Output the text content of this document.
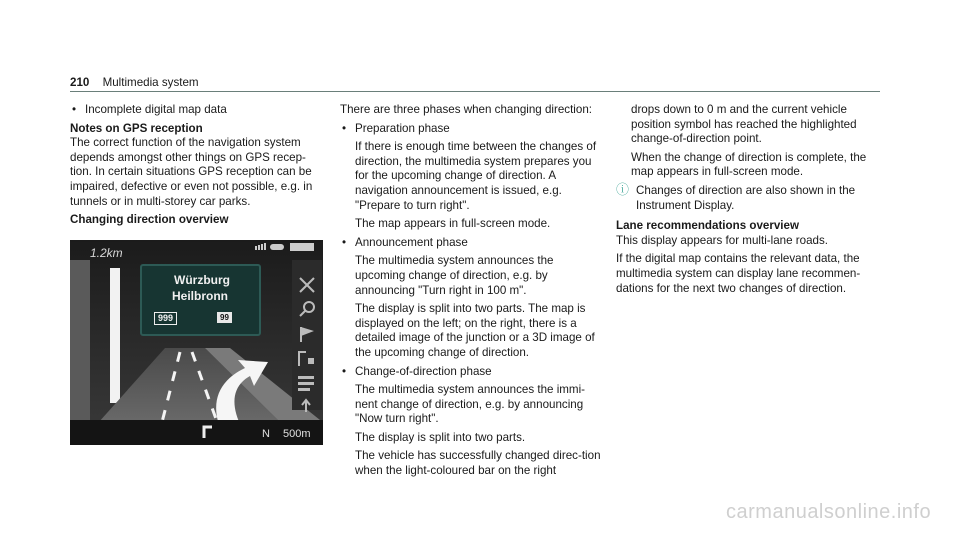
210 Multimedia system
• Incomplete digital map data

Notes on GPS reception

The correct function of the navigation system depends amongst other things on GPS recep-tion. In certain situations GPS reception can be impaired, defective or even not possible, e.g. in tunnels or in multi-storey car parks.

Changing direction overview

1.2km
Würzburg
Heilbronn
999	99
N 500m

There are three phases when changing direction:

• Preparation phase

If there is enough time between the changes of direction, the multimedia system prepares you for the upcoming change of direction. A navigation announcement is issued, e.g. "Prepare to turn right".

The map appears in full-screen mode.

• Announcement phase

The multimedia system announces the upcoming change of direction, e.g. by announcing "Turn right in 100 m".

The display is split into two parts. The map is displayed on the left; on the right, there is a detailed image of the junction or a 3D image of the upcoming change of direction.

• Change-of-direction phase

The multimedia system announces the immi-nent change of direction, e.g. by announcing "Now turn right".

The display is split into two parts.

The vehicle has successfully changed direc-tion when the light-coloured bar on the right

drops down to 0 m and the current vehicle position symbol has reached the highlighted change-of-direction point.

When the change of direction is complete, the map appears in full-screen mode.

ⓘ Changes of direction are also shown in the Instrument Display.

Lane recommendations overview

This display appears for multi-lane roads.

If the digital map contains the relevant data, the multimedia system can display lane recommen-dations for the next two changes of direction.

carmanualsonline.info
